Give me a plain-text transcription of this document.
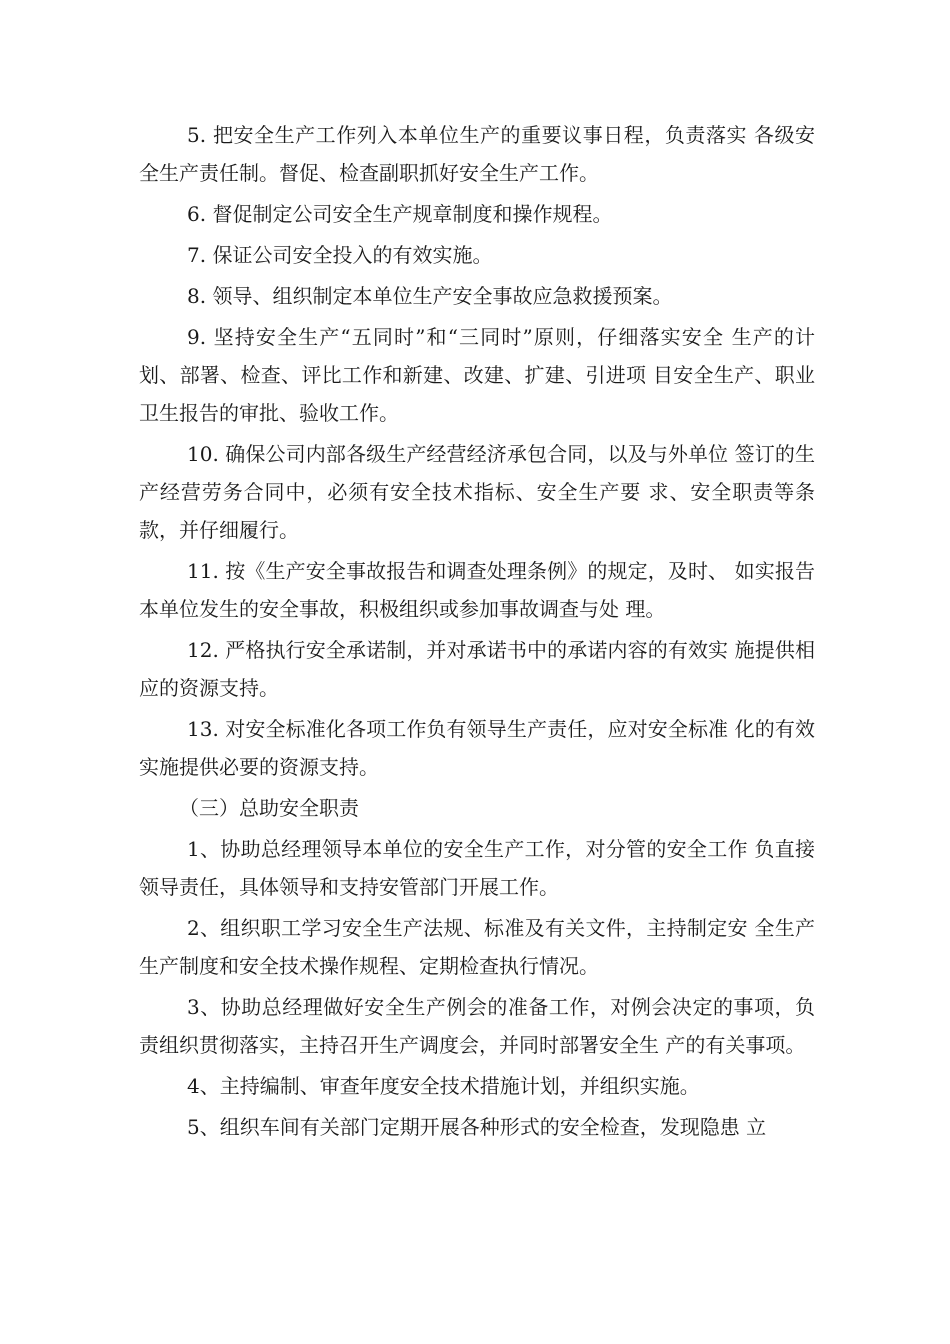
5. 把安全生产工作列入本单位生产的重要议事日程，负责落实 各级安全生产责任制。督促、检查副职抓好安全生产工作。

6. 督促制定公司安全生产规章制度和操作规程。

7. 保证公司安全投入的有效实施。

8. 领导、组织制定本单位生产安全事故应急救援预案。

9. 坚持安全生产“五同时”和“三同时”原则，仔细落实安全 生产的计划、部署、检查、评比工作和新建、改建、扩建、引进项 目安全生产、职业卫生报告的审批、验收工作。

10. 确保公司内部各级生产经营经济承包合同，以及与外单位 签订的生产经营劳务合同中，必须有安全技术指标、安全生产要 求、安全职责等条款，并仔细履行。

11. 按《生产安全事故报告和调查处理条例》的规定，及时、 如实报告本单位发生的安全事故，积极组织或参加事故调查与处 理。

12. 严格执行安全承诺制，并对承诺书中的承诺内容的有效实 施提供相应的资源支持。

13. 对安全标准化各项工作负有领导生产责任，应对安全标准 化的有效实施提供必要的资源支持。

（三）总助安全职责

1、协助总经理领导本单位的安全生产工作，对分管的安全工作 负直接领导责任，具体领导和支持安管部门开展工作。

2、组织职工学习安全生产法规、标准及有关文件，主持制定安 全生产生产制度和安全技术操作规程、定期检查执行情况。

3、协助总经理做好安全生产例会的准备工作，对例会决定的事项，负责组织贯彻落实，主持召开生产调度会，并同时部署安全生 产的有关事项。

4、主持编制、审查年度安全技术措施计划，并组织实施。

5、组织车间有关部门定期开展各种形式的安全检查，发现隐患 立
